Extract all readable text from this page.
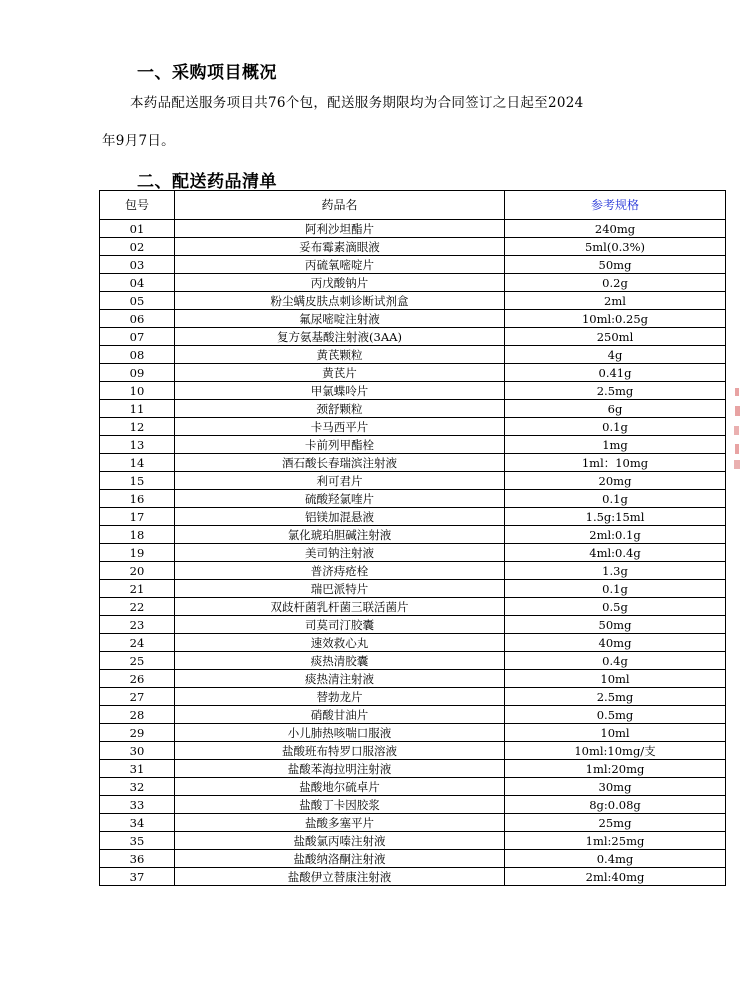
一、采购项目概况
本药品配送服务项目共76个包，配送服务期限均为合同签订之日起至2024
年9月7日。
二、配送药品清单
包号	药品名	参考规格
01	阿利沙坦酯片	240mg
02	妥布霉素滴眼液	5ml(0.3%)
03	丙硫氧嘧啶片	50mg
04	丙戊酸钠片	0.2g
05	粉尘螨皮肤点刺诊断试剂盒	2ml
06	氟尿嘧啶注射液	10ml:0.25g
07	复方氨基酸注射液(3AA)	250ml
08	黄芪颗粒	4g
09	黄芪片	0.41g
10	甲氯蝶呤片	2.5mg
11	颈舒颗粒	6g
12	卡马西平片	0.1g
13	卡前列甲酯栓	1mg
14	酒石酸长春瑞滨注射液	1ml：10mg
15	利可君片	20mg
16	硫酸羟氯喹片	0.1g
17	铝镁加混悬液	1.5g:15ml
18	氯化琥珀胆碱注射液	2ml:0.1g
19	美司钠注射液	4ml:0.4g
20	普济痔疮栓	1.3g
21	瑞巴派特片	0.1g
22	双歧杆菌乳杆菌三联活菌片	0.5g
23	司莫司汀胶囊	50mg
24	速效救心丸	40mg
25	痰热清胶囊	0.4g
26	痰热清注射液	10ml
27	替勃龙片	2.5mg
28	硝酸甘油片	0.5mg
29	小儿肺热咳喘口服液	10ml
30	盐酸班布特罗口服溶液	10ml:10mg/支
31	盐酸苯海拉明注射液	1ml:20mg
32	盐酸地尔硫卓片	30mg
33	盐酸丁卡因胶浆	8g:0.08g
34	盐酸多塞平片	25mg
35	盐酸氯丙嗪注射液	1ml:25mg
36	盐酸纳洛酮注射液	0.4mg
37	盐酸伊立替康注射液	2ml:40mg
